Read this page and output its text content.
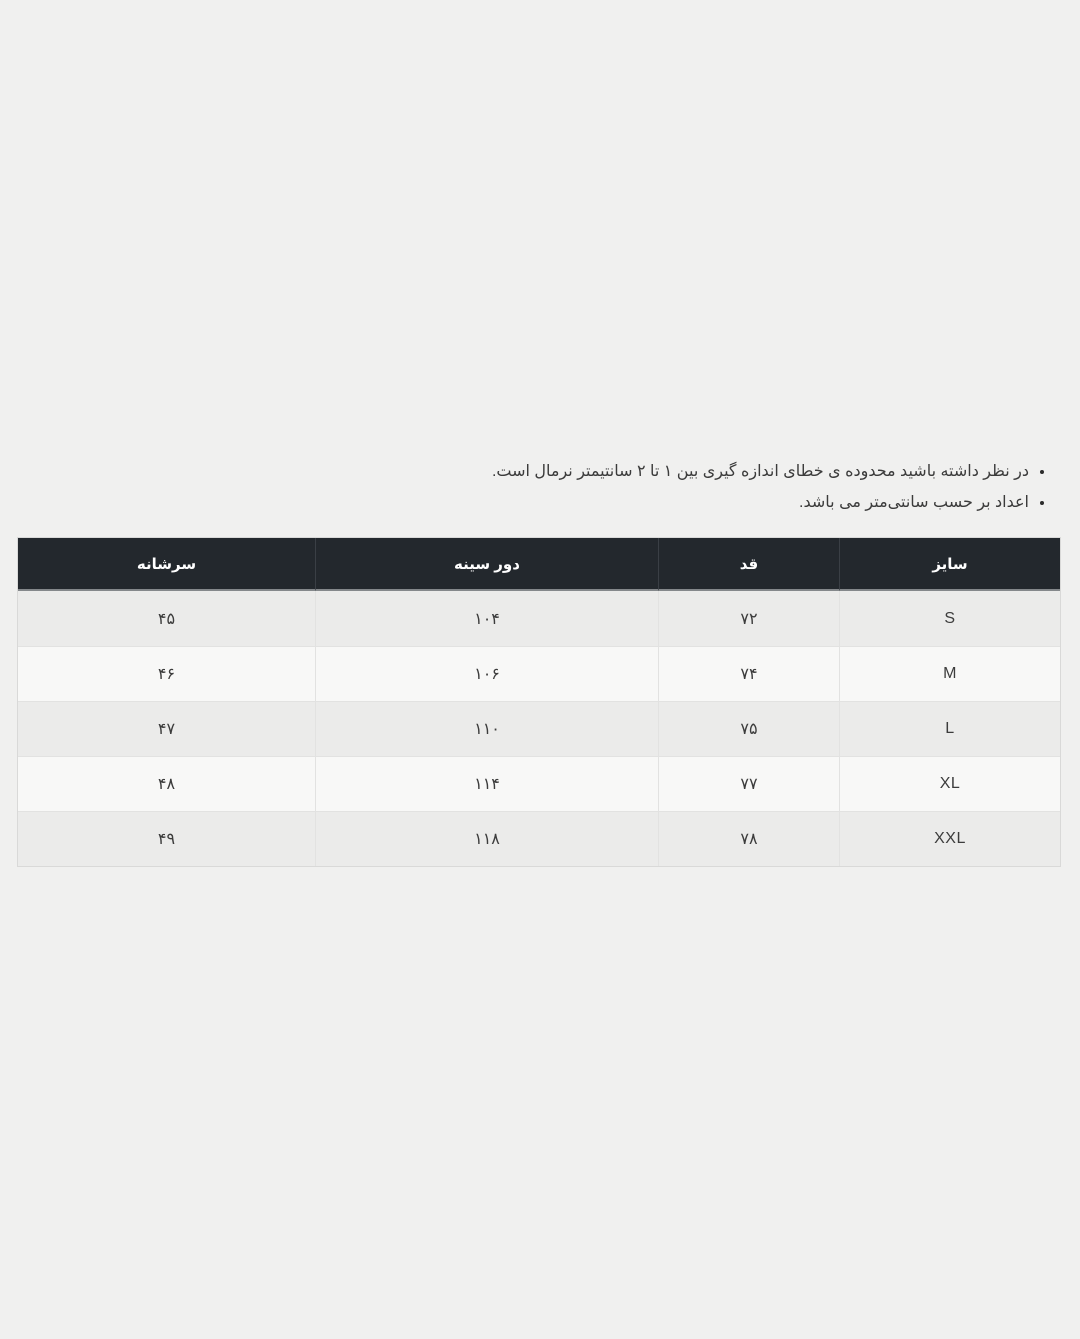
• در نظر داشته باشید محدوده ی خطای اندازه گیری بین ۱ تا ۲ سانتیمتر نرمال است.
• اعداد بر حسب سانتی‌متر می باشد.
سایز	قد	دور سینه	سرشانه
S	۷۲	۱۰۴	۴۵
M	۷۴	۱۰۶	۴۶
L	۷۵	۱۱۰	۴۷
XL	۷۷	۱۱۴	۴۸
XXL	۷۸	۱۱۸	۴۹
